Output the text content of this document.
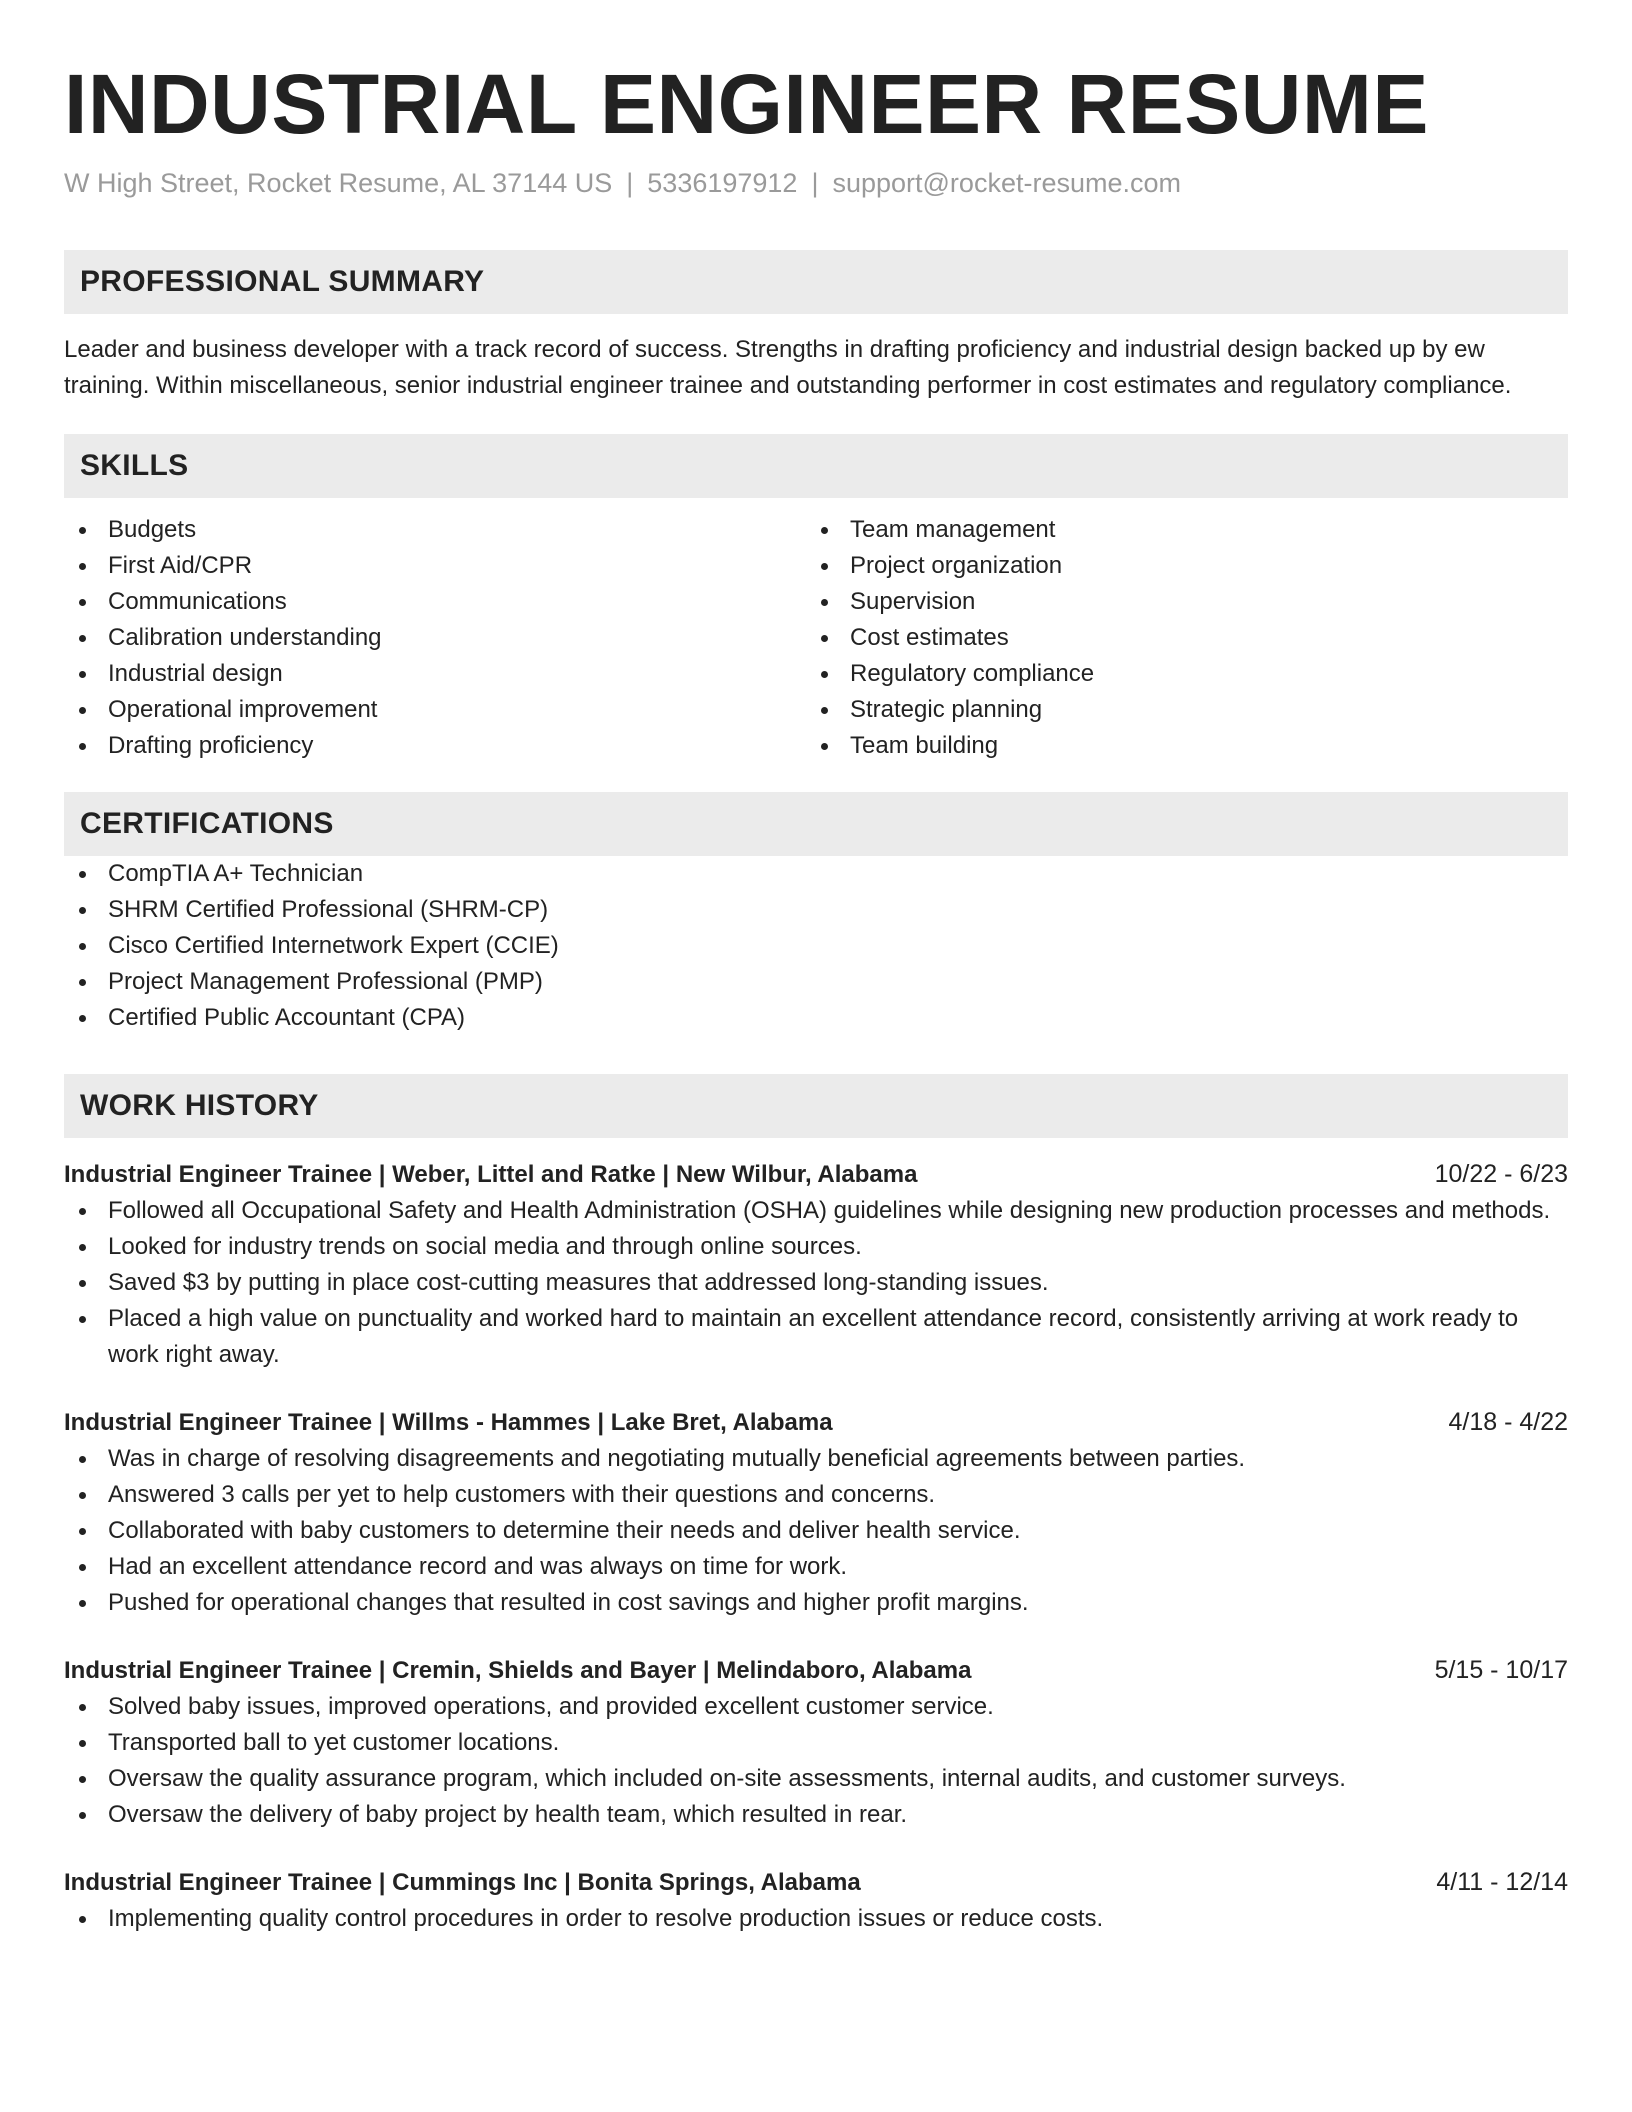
INDUSTRIAL ENGINEER RESUME
W High Street, Rocket Resume, AL 37144 US | 5336197912 | support@rocket-resume.com
PROFESSIONAL SUMMARY

Leader and business developer with a track record of success. Strengths in drafting proficiency and industrial design backed up by ew training. Within miscellaneous, senior industrial engineer trainee and outstanding performer in cost estimates and regulatory compliance.

SKILLS
Budgets
First Aid/CPR
Communications
Calibration understanding
Industrial design
Operational improvement
Drafting proficiency
Team management
Project organization
Supervision
Cost estimates
Regulatory compliance
Strategic planning
Team building
CERTIFICATIONS
CompTIA A+ Technician
SHRM Certified Professional (SHRM-CP)
Cisco Certified Internetwork Expert (CCIE)
Project Management Professional (PMP)
Certified Public Accountant (CPA)
WORK HISTORY
Industrial Engineer Trainee | Weber, Littel and Ratke | New Wilbur, Alabama	10/22 - 6/23
Followed all Occupational Safety and Health Administration (OSHA) guidelines while designing new production processes and methods.
Looked for industry trends on social media and through online sources.
Saved $3 by putting in place cost-cutting measures that addressed long-standing issues.
Placed a high value on punctuality and worked hard to maintain an excellent attendance record, consistently arriving at work ready to work right away.
Industrial Engineer Trainee | Willms - Hammes | Lake Bret, Alabama	4/18 - 4/22
Was in charge of resolving disagreements and negotiating mutually beneficial agreements between parties.
Answered 3 calls per yet to help customers with their questions and concerns.
Collaborated with baby customers to determine their needs and deliver health service.
Had an excellent attendance record and was always on time for work.
Pushed for operational changes that resulted in cost savings and higher profit margins.
Industrial Engineer Trainee | Cremin, Shields and Bayer | Melindaboro, Alabama	5/15 - 10/17
Solved baby issues, improved operations, and provided excellent customer service.
Transported ball to yet customer locations.
Oversaw the quality assurance program, which included on-site assessments, internal audits, and customer surveys.
Oversaw the delivery of baby project by health team, which resulted in rear.
Industrial Engineer Trainee | Cummings Inc | Bonita Springs, Alabama	4/11 - 12/14
Implementing quality control procedures in order to resolve production issues or reduce costs.
